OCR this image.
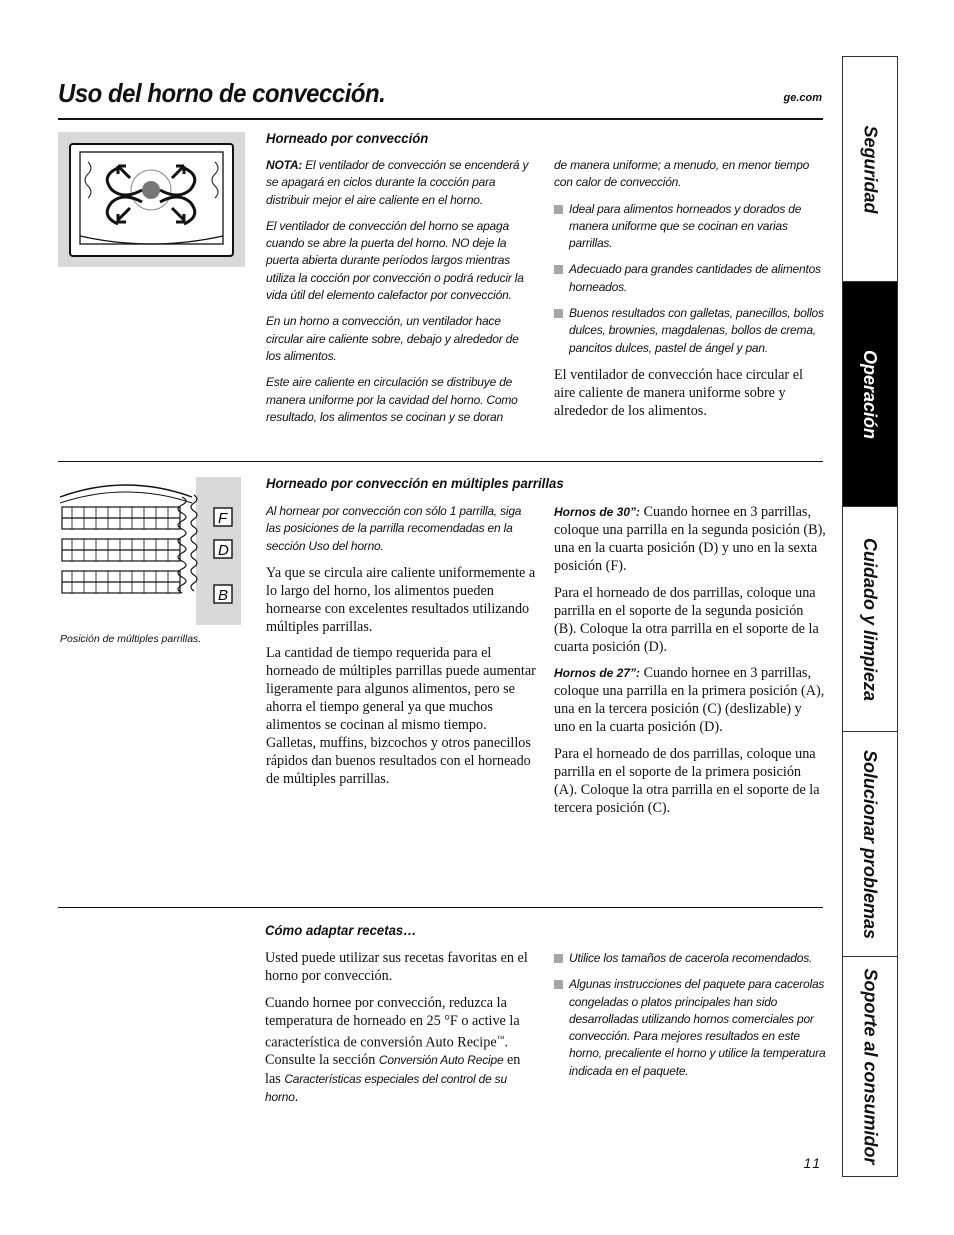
Uso del horno de convección.	ge.com
Horneado por convección

NOTA: El ventilador de convección se encenderá y se apagará en ciclos durante la cocción para distribuir mejor el aire caliente en el horno.

El ventilador de convección del horno se apaga cuando se abre la puerta del horno. NO deje la puerta abierta durante períodos largos mientras utiliza la cocción por convección o podrá reducir la vida útil del elemento calefactor por convección.

En un horno a convección, un ventilador hace circular aire caliente sobre, debajo y alrededor de los alimentos.

Este aire caliente en circulación se distribuye de manera uniforme por la cavidad del horno. Como resultado, los alimentos se cocinan y se doran

de manera uniforme; a menudo, en menor tiempo con calor de convección.

Ideal para alimentos horneados y dorados de manera uniforme que se cocinan en varias parrillas.

Adecuado para grandes cantidades de alimentos horneados.

Buenos resultados con galletas, panecillos, bollos dulces, brownies, magdalenas, bollos de crema, pancitos dulces, pastel de ángel y pan.

El ventilador de convección hace circular el aire caliente de manera uniforme sobre y alrededor de los alimentos.

F
D
B
Posición de múltiples parrillas.
Horneado por convección en múltiples parrillas

Al hornear por convección con sólo 1 parrilla, siga las posiciones de la parrilla recomendadas en la sección Uso del horno.

Ya que se circula aire caliente uniformemente a lo largo del horno, los alimentos pueden hornearse con excelentes resultados utilizando múltiples parrillas.

La cantidad de tiempo requerida para el horneado de múltiples parrillas puede aumentar ligeramente para algunos alimentos, pero se ahorra el tiempo general ya que muchos alimentos se cocinan al mismo tiempo. Galletas, muffins, bizcochos y otros panecillos rápidos dan buenos resultados con el horneado de múltiples parrillas.

Hornos de 30”: Cuando hornee en 3 parrillas, coloque una parrilla en la segunda posición (B), una en la cuarta posición (D) y uno en la sexta posición (F).

Para el horneado de dos parrillas, coloque una parrilla en el soporte de la segunda posición (B). Coloque la otra parrilla en el soporte de la cuarta posición (D).

Hornos de 27”: Cuando hornee en 3 parrillas, coloque una parrilla en la primera posición (A), una en la tercera posición (C) (deslizable) y uno en la cuarta posición (D).

Para el horneado de dos parrillas, coloque una parrilla en el soporte de la primera posición (A). Coloque la otra parrilla en el soporte de la tercera posición (C).

Cómo adaptar recetas…

Usted puede utilizar sus recetas favoritas en el horno por convección.

Cuando hornee por convección, reduzca la temperatura de horneado en 25 °F o active la característica de conversión Auto Recipe™. Consulte la sección Conversión Auto Recipe en las Características especiales del control de su horno.

Utilice los tamaños de cacerola recomendados.

Algunas instrucciones del paquete para cacerolas congeladas o platos principales han sido desarrolladas utilizando hornos comerciales por convección. Para mejores resultados en este horno, precaliente el horno y utilice la temperatura indicada en el paquete.

Seguridad
Operación
Cuidado y limpieza
Solucionar problemas
Soporte al consumidor
11
